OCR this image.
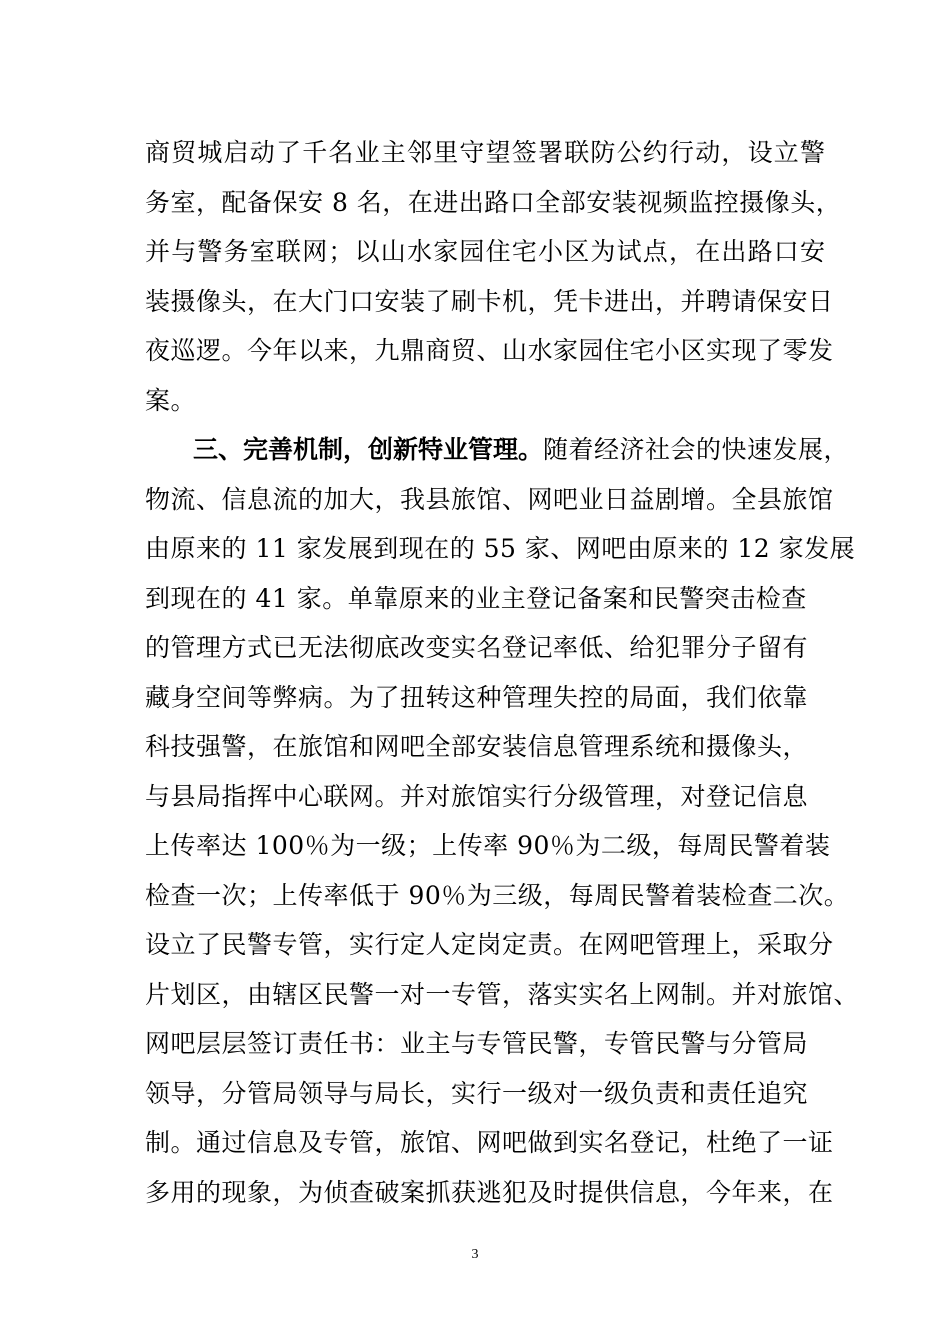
商贸城启动了千名业主邻里守望签署联防公约行动，设立警
务室，配备保安 8 名，在进出路口全部安装视频监控摄像头，
并与警务室联网；以山水家园住宅小区为试点，在出路口安
装摄像头，在大门口安装了刷卡机，凭卡进出，并聘请保安日
夜巡逻。今年以来，九鼎商贸、山水家园住宅小区实现了零发
案。
三、完善机制，创新特业管理。随着经济社会的快速发展，
物流、信息流的加大，我县旅馆、网吧业日益剧增。全县旅馆
由原来的 11 家发展到现在的 55 家、网吧由原来的 12 家发展
到现在的 41 家。单靠原来的业主登记备案和民警突击检查
的管理方式已无法彻底改变实名登记率低、给犯罪分子留有
藏身空间等弊病。为了扭转这种管理失控的局面，我们依靠
科技强警，在旅馆和网吧全部安装信息管理系统和摄像头，
与县局指挥中心联网。并对旅馆实行分级管理，对登记信息
上传率达 100％为一级；上传率 90％为二级，每周民警着装
检查一次；上传率低于 90％为三级，每周民警着装检查二次。
设立了民警专管，实行定人定岗定责。在网吧管理上，采取分
片划区，由辖区民警一对一专管，落实实名上网制。并对旅馆、
网吧层层签订责任书：业主与专管民警，专管民警与分管局
领导，分管局领导与局长，实行一级对一级负责和责任追究
制。通过信息及专管，旅馆、网吧做到实名登记，杜绝了一证
多用的现象，为侦查破案抓获逃犯及时提供信息，今年来，在
3
